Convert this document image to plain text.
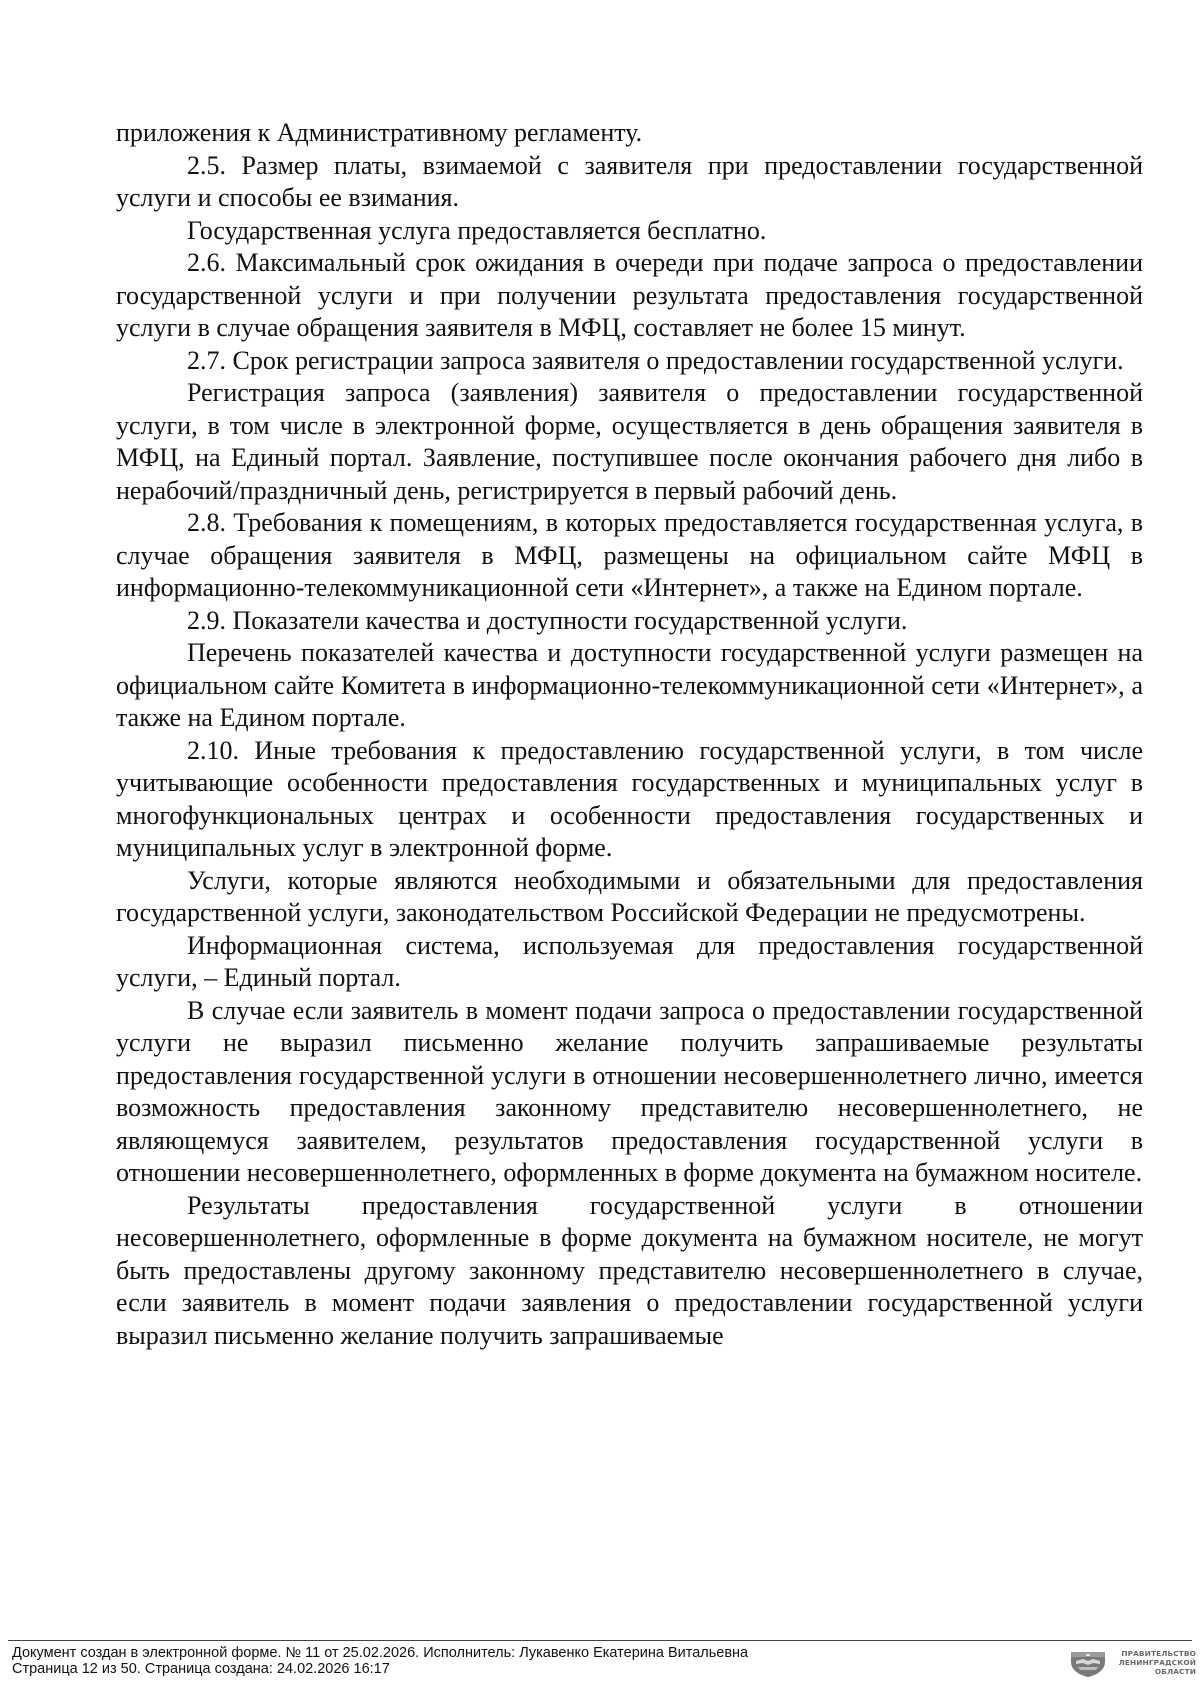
приложения к Административному регламенту.

2.5. Размер платы, взимаемой с заявителя при предоставлении государственной услуги и способы ее взимания.

Государственная услуга предоставляется бесплатно.

2.6. Максимальный срок ожидания в очереди при подаче запроса о предоставлении государственной услуги и при получении результата предоставления государственной услуги в случае обращения заявителя в МФЦ, составляет не более 15 минут.

2.7. Срок регистрации запроса заявителя о предоставлении государственной услуги.

Регистрация запроса (заявления) заявителя о предоставлении государственной услуги, в том числе в электронной форме, осуществляется в день обращения заявителя в МФЦ, на Единый портал. Заявление, поступившее после окончания рабочего дня либо в нерабочий/праздничный день, регистрируется в первый рабочий день.

2.8. Требования к помещениям, в которых предоставляется государственная услуга, в случае обращения заявителя в МФЦ, размещены на официальном сайте МФЦ в информационно-телекоммуникационной сети «Интернет», а также на Едином портале.

2.9. Показатели качества и доступности государственной услуги.

Перечень показателей качества и доступности государственной услуги размещен на официальном сайте Комитета в информационно-телекоммуникационной сети «Интернет», а также на Едином портале.

2.10. Иные требования к предоставлению государственной услуги, в том числе учитывающие особенности предоставления государственных и муниципальных услуг в многофункциональных центрах и особенности предоставления государственных и муниципальных услуг в электронной форме.

Услуги, которые являются необходимыми и обязательными для предоставления государственной услуги, законодательством Российской Федерации не предусмотрены.

Информационная система, используемая для предоставления государственной услуги, – Единый портал.

В случае если заявитель в момент подачи запроса о предоставлении государственной услуги не выразил письменно желание получить запрашиваемые результаты предоставления государственной услуги в отношении несовершеннолетнего лично, имеется возможность предоставления законному представителю несовершеннолетнего, не являющемуся заявителем, результатов предоставления государственной услуги в отношении несовершеннолетнего, оформленных в форме документа на бумажном носителе.

Результаты предоставления государственной услуги в отношении несовершеннолетнего, оформленные в форме документа на бумажном носителе, не могут быть предоставлены другому законному представителю несовершеннолетнего в случае, если заявитель в момент подачи заявления о предоставлении государственной услуги выразил письменно желание получить запрашиваемые

Документ создан в электронной форме. № 11 от 25.02.2026. Исполнитель: Лукавенко Екатерина Витальевна
Страница 12 из 50. Страница создана: 24.02.2026 16:17
ПРАВИТЕЛЬСТВО
ЛЕНИНГРАДСКОЙ
ОБЛАСТИ
